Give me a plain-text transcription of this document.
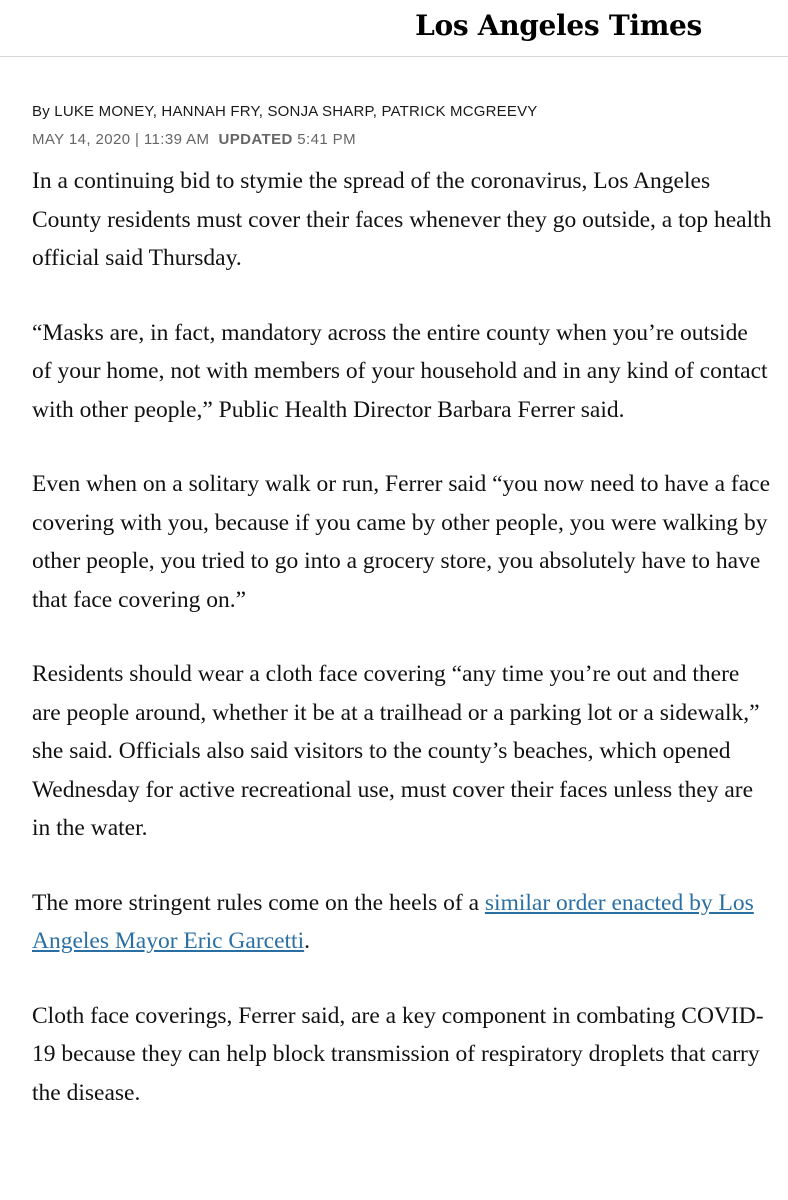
Los Angeles Times
By LUKE MONEY, HANNAH FRY, SONJA SHARP, PATRICK MCGREEVY
MAY 14, 2020 | 11:39 AM UPDATED 5:41 PM

In a continuing bid to stymie the spread of the coronavirus, Los Angeles County residents must cover their faces whenever they go outside, a top health official said Thursday.

“Masks are, in fact, mandatory across the entire county when you’re outside of your home, not with members of your household and in any kind of contact with other people,” Public Health Director Barbara Ferrer said.

Even when on a solitary walk or run, Ferrer said “you now need to have a face covering with you, because if you came by other people, you were walking by other people, you tried to go into a grocery store, you absolutely have to have that face covering on.”

Residents should wear a cloth face covering “any time you’re out and there are people around, whether it be at a trailhead or a parking lot or a sidewalk,” she said. Officials also said visitors to the county’s beaches, which opened Wednesday for active recreational use, must cover their faces unless they are in the water.

The more stringent rules come on the heels of a similar order enacted by Los Angeles Mayor Eric Garcetti.

Cloth face coverings, Ferrer said, are a key component in combating COVID-19 because they can help block transmission of respiratory droplets that carry the disease.
